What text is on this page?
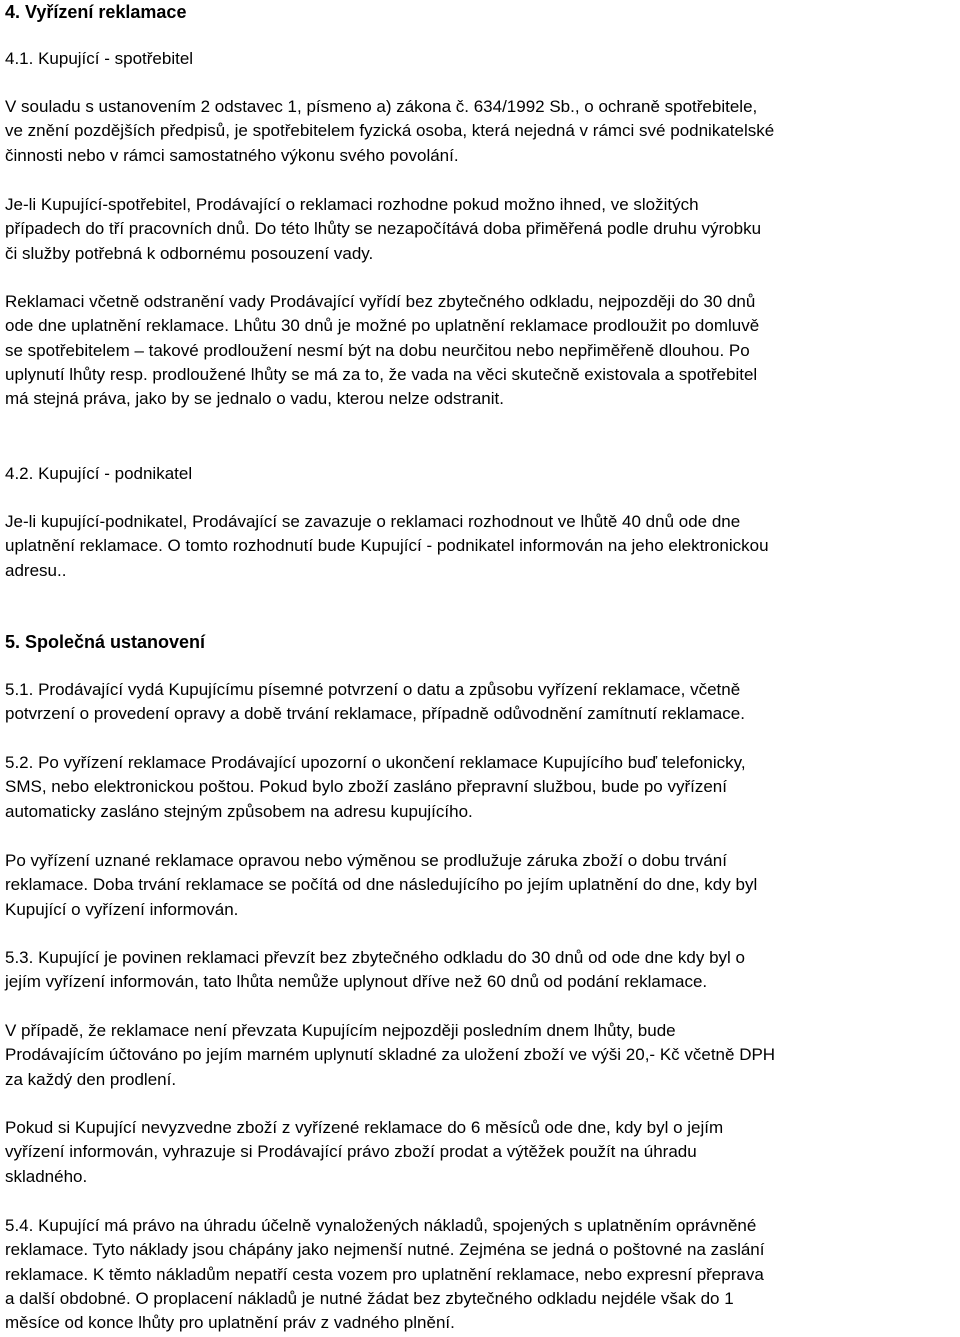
4. Vyřízení reklamace
4.1. Kupující - spotřebitel
V souladu s ustanovením 2 odstavec 1, písmeno a) zákona č. 634/1992 Sb., o ochraně spotřebitele,
ve znění pozdějších předpisů, je spotřebitelem fyzická osoba, která nejedná v rámci své podnikatelské
činnosti nebo v rámci samostatného výkonu svého povolání.
Je-li Kupující-spotřebitel, Prodávající o reklamaci rozhodne pokud možno ihned, ve složitých
případech do tří pracovních dnů. Do této lhůty se nezapočítává doba přiměřená podle druhu výrobku
či služby potřebná k odbornému posouzení vady.
Reklamaci včetně odstranění vady Prodávající vyřídí bez zbytečného odkladu, nejpozději do 30 dnů
ode dne uplatnění reklamace. Lhůtu 30 dnů je možné po uplatnění reklamace prodloužit po domluvě
se spotřebitelem – takové prodloužení nesmí být na dobu neurčitou nebo nepřiměřeně dlouhou. Po
uplynutí lhůty resp. prodloužené lhůty se má za to, že vada na věci skutečně existovala a spotřebitel
má stejná práva, jako by se jednalo o vadu, kterou nelze odstranit.
4.2. Kupující - podnikatel
Je-li kupující-podnikatel, Prodávající se zavazuje o reklamaci rozhodnout ve lhůtě 40 dnů ode dne
uplatnění reklamace. O tomto rozhodnutí bude Kupující - podnikatel informován na jeho elektronickou
adresu..
5. Společná ustanovení
5.1. Prodávající vydá Kupujícímu písemné potvrzení o datu a způsobu vyřízení reklamace, včetně
potvrzení o provedení opravy a době trvání reklamace, případně odůvodnění zamítnutí reklamace.
5.2. Po vyřízení reklamace Prodávající upozorní o ukončení reklamace Kupujícího buď telefonicky,
SMS, nebo elektronickou poštou. Pokud bylo zboží zasláno přepravní službou, bude po vyřízení
automaticky zasláno stejným způsobem na adresu kupujícího.
Po vyřízení uznané reklamace opravou nebo výměnou se prodlužuje záruka zboží o dobu trvání
reklamace. Doba trvání reklamace se počítá od dne následujícího po jejím uplatnění do dne, kdy byl
Kupující o vyřízení informován.
5.3. Kupující je povinen reklamaci převzít bez zbytečného odkladu do 30 dnů od ode dne kdy byl o
jejím vyřízení informován, tato lhůta nemůže uplynout dříve než 60 dnů od podání reklamace.
V případě, že reklamace není převzata Kupujícím nejpozději posledním dnem lhůty, bude
Prodávajícím účtováno po jejím marném uplynutí skladné za uložení zboží ve výši 20,- Kč včetně DPH
za každý den prodlení.
Pokud si Kupující nevyzvedne zboží z vyřízené reklamace do 6 měsíců ode dne, kdy byl o jejím
vyřízení informován, vyhrazuje si Prodávající právo zboží prodat a výtěžek použít na úhradu
skladného.
5.4. Kupující má právo na úhradu účelně vynaložených nákladů, spojených s uplatněním oprávněné
reklamace. Tyto náklady jsou chápány jako nejmenší nutné. Zejména se jedná o poštovné na zaslání
reklamace. K těmto nákladům nepatří cesta vozem pro uplatnění reklamace, nebo expresní přeprava
a další obdobné. O proplacení nákladů je nutné žádat bez zbytečného odkladu nejdéle však do 1
měsíce od konce lhůty pro uplatnění práv z vadného plnění.
